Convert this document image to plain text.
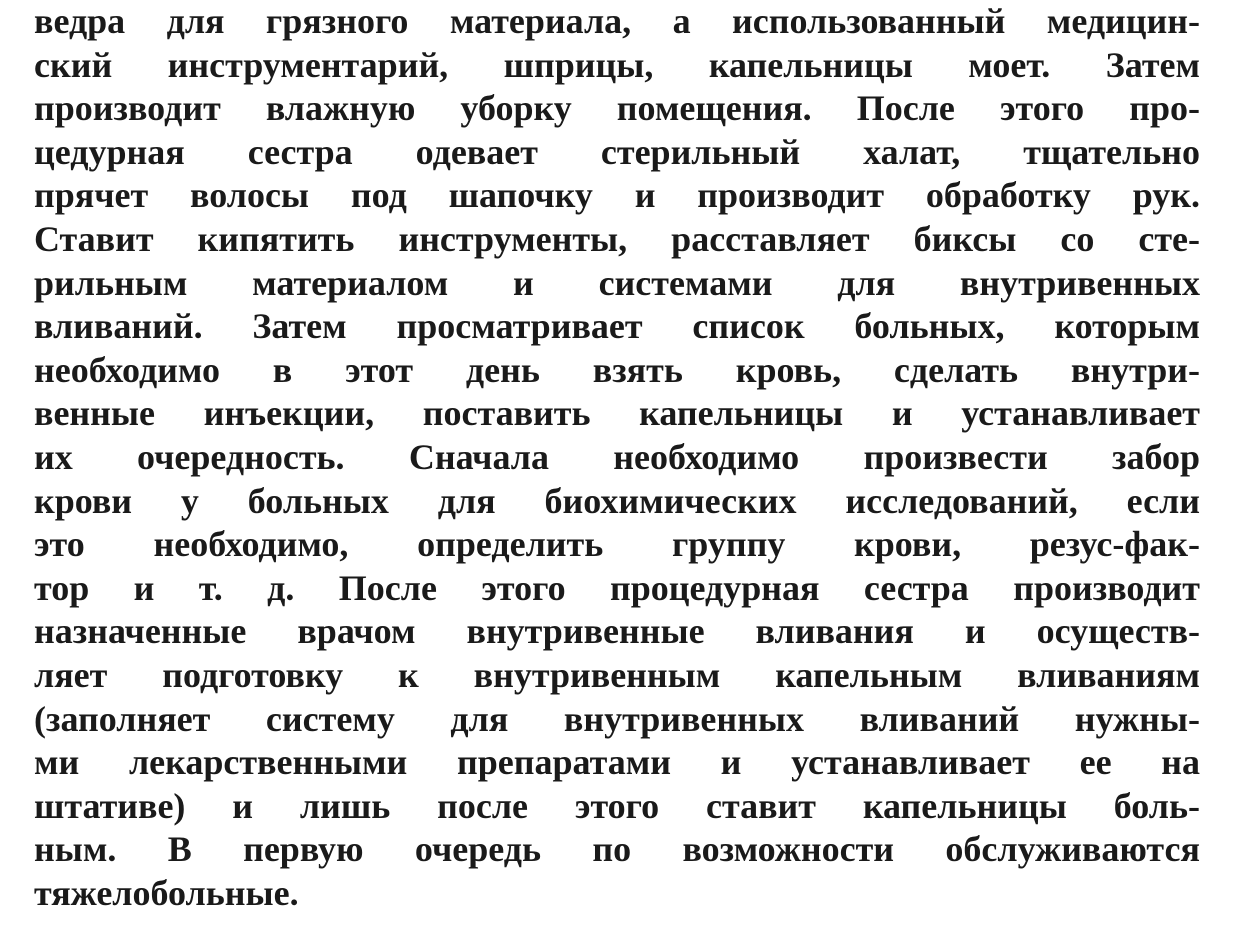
ведра для грязного материала, а использованный медицин-
ский инструментарий, шприцы, капельницы моет. Затем
производит влажную уборку помещения. После этого про-
цедурная сестра одевает стерильный халат, тщательно
прячет волосы под шапочку и производит обработку рук.
Ставит кипятить инструменты, расставляет биксы со сте-
рильным материалом и системами для внутривенных
вливаний. Затем просматривает список больных, которым
необходимо в этот день взять кровь, сделать внутри-
венные инъекции, поставить капельницы и устанавливает
их очередность. Сначала необходимо произвести забор
крови у больных для биохимических исследований, если
это необходимо, определить группу крови, резус-фак-
тор и т. д. После этого процедурная сестра производит
назначенные врачом внутривенные вливания и осуществ-
ляет подготовку к внутривенным капельным вливаниям
(заполняет систему для внутривенных вливаний нужны-
ми лекарственными препаратами и устанавливает ее на
штативе) и лишь после этого ставит капельницы боль-
ным. В первую очередь по возможности обслуживаются
тяжелобольные.
